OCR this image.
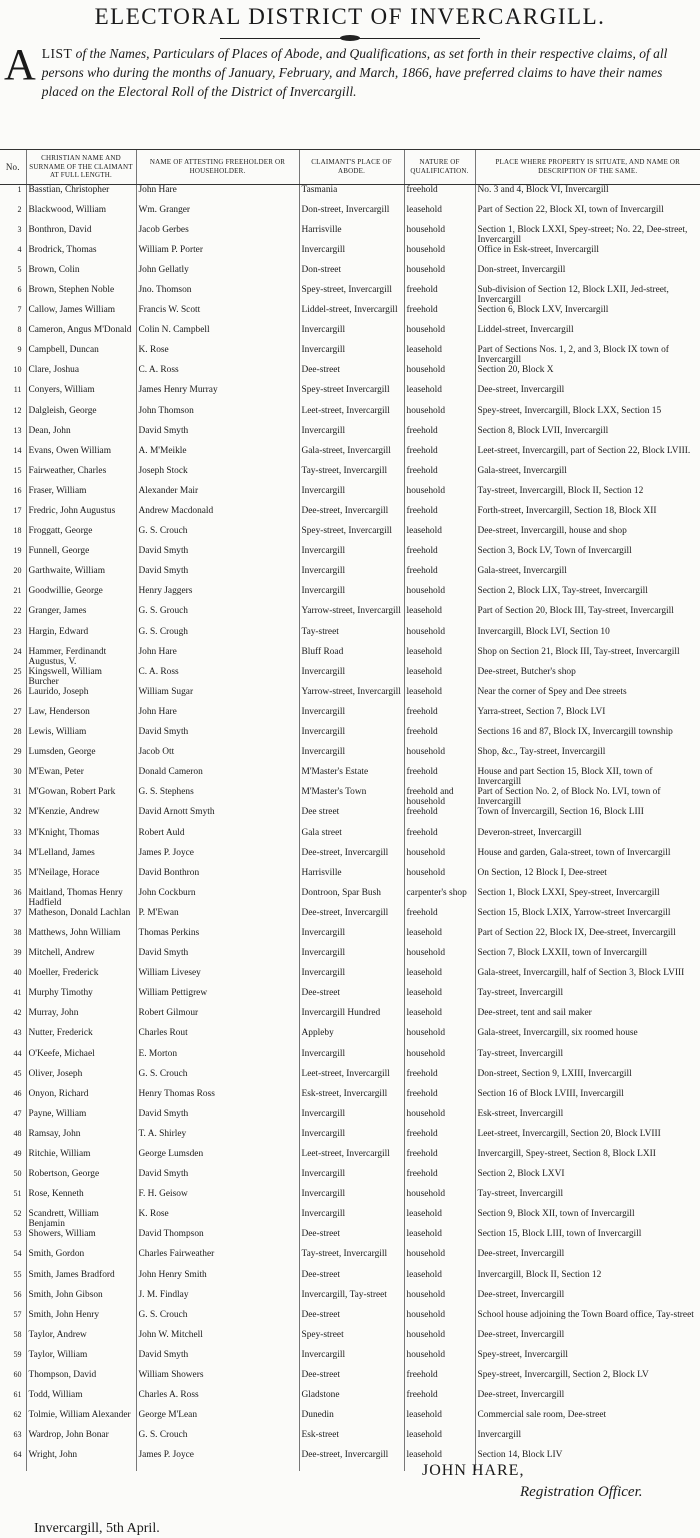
ELECTORAL DISTRICT OF INVERCARGILL.
ALIST of the Names, Particulars of Places of Abode, and Qualifications, as set forth in their respective claims, of all persons who during the months of January, February, and March, 1866, have preferred claims to have their names placed on the Electoral Roll of the District of Invercargill.
No.	CHRISTIAN NAME AND SURNAME OF THE CLAIMANT AT FULL LENGTH.	NAME OF ATTESTING FREEHOLDER OR HOUSEHOLDER.	CLAIMANT'S PLACE OF ABODE.	NATURE OF QUALIFICATION.	PLACE WHERE PROPERTY IS SITUATE, AND NAME OR DESCRIPTION OF THE SAME.
1	Basstian, Christopher	John Hare	Tasmania	freehold	No. 3 and 4, Block VI, Invercargill
2	Blackwood, William	Wm. Granger	Don-street, Invercargill	leasehold	Part of Section 22, Block XI, town of Invercargill
3	Bonthron, David	Jacob Gerbes	Harrisville	household	Section 1, Block LXXI, Spey-street; No. 22, Dee-street, Invercargill
4	Brodrick, Thomas	William P. Porter	Invercargill	household	Office in Esk-street, Invercargill
5	Brown, Colin	John Gellatly	Don-street	household	Don-street, Invercargill
6	Brown, Stephen Noble	Jno. Thomson	Spey-street, Invercargill	freehold	Sub-division of Section 12, Block LXII, Jed-street, Invercargill
7	Callow, James William	Francis W. Scott	Liddel-street, Invercargill	freehold	Section 6, Block LXV, Invercargill
8	Cameron, Angus M'Donald	Colin N. Campbell	Invercargill	household	Liddel-street, Invercargill
9	Campbell, Duncan	K. Rose	Invercargill	leasehold	Part of Sections Nos. 1, 2, and 3, Block IX town of Invercargill
10	Clare, Joshua	C. A. Ross	Dee-street	household	Section 20, Block X
11	Conyers, William	James Henry Murray	Spey-street Invercargill	leasehold	Dee-street, Invercargill
12	Dalgleish, George	John Thomson	Leet-street, Invercargill	household	Spey-street, Invercargill, Block LXX, Section 15
13	Dean, John	David Smyth	Invercargill	freehold	Section 8, Block LVII, Invercargill
14	Evans, Owen William	A. M'Meikle	Gala-street, Invercargill	freehold	Leet-street, Invercargill, part of Section 22, Block LVIII.
15	Fairweather, Charles	Joseph Stock	Tay-street, Invercargill	freehold	Gala-street, Invercargill
16	Fraser, William	Alexander Mair	Invercargill	household	Tay-street, Invercargill, Block II, Section 12
17	Fredric, John Augustus	Andrew Macdonald	Dee-street, Invercargill	freehold	Forth-street, Invercargill, Section 18, Block XII
18	Froggatt, George	G. S. Crouch	Spey-street, Invercargill	leasehold	Dee-street, Invercargill, house and shop
19	Funnell, George	David Smyth	Invercargill	freehold	Section 3, Bock LV, Town of Invercargill
20	Garthwaite, William	David Smyth	Invercargill	freehold	Gala-street, Invercargill
21	Goodwillie, George	Henry Jaggers	Invercargill	household	Section 2, Block LIX, Tay-street, Invercargill
22	Granger, James	G. S. Grouch	Yarrow-street, Invercargill	leasehold	Part of Section 20, Block III, Tay-street, Invercargill
23	Hargin, Edward	G. S. Crough	Tay-street	household	Invercargill, Block LVI, Section 10
24	Hammer, Ferdinandt Augustus, V.	John Hare	Bluff Road	leasehold	Shop on Section 21, Block III, Tay-street, Invercargill
25	Kingswell, William Burcher	C. A. Ross	Invercargill	leasehold	Dee-street, Butcher's shop
26	Laurido, Joseph	William Sugar	Yarrow-street, Invercargill	leasehold	Near the corner of Spey and Dee streets
27	Law, Henderson	John Hare	Invercargill	freehold	Yarra-street, Section 7, Block LVI
28	Lewis, William	David Smyth	Invercargill	freehold	Sections 16 and 87, Block IX, Invercargill township
29	Lumsden, George	Jacob Ott	Invercargill	household	Shop, &c., Tay-street, Invercargill
30	M'Ewan, Peter	Donald Cameron	M'Master's Estate	freehold	House and part Section 15, Block XII, town of Invercargill
31	M'Gowan, Robert Park	G. S. Stephens	M'Master's Town	freehold and household	Part of Section No. 2, of Block No. LVI, town of Invercargill
32	M'Kenzie, Andrew	David Arnott Smyth	Dee street	freehold	Town of Invercargill, Section 16, Block LIII
33	M'Knight, Thomas	Robert Auld	Gala street	freehold	Deveron-street, Invercargill
34	M'Lelland, James	James P. Joyce	Dee-street, Invercargill	household	House and garden, Gala-street, town of Invercargill
35	M'Neilage, Horace	David Bonthron	Harrisville	household	On Section, 12 Block I, Dee-street
36	Maitland, Thomas Henry Hadfield	John Cockburn	Dontroon, Spar Bush	carpenter's shop	Section 1, Block LXXI, Spey-street, Invercargill
37	Matheson, Donald Lachlan	P. M'Ewan	Dee-street, Invercargill	freehold	Section 15, Block LXIX, Yarrow-street Invercargill
38	Matthews, John William	Thomas Perkins	Invercargill	leasehold	Part of Section 22, Block IX, Dee-street, Invercargill
39	Mitchell, Andrew	David Smyth	Invercargill	household	Section 7, Block LXXII, town of Invercargill
40	Moeller, Frederick	William Livesey	Invercargill	leasehold	Gala-street, Invercargill, half of Section 3, Block LVIII
41	Murphy Timothy	William Pettigrew	Dee-street	leasehold	Tay-street, Invercargill
42	Murray, John	Robert Gilmour	Invercargill Hundred	leasehold	Dee-street, tent and sail maker
43	Nutter, Frederick	Charles Rout	Appleby	household	Gala-street, Invercargill, six roomed house
44	O'Keefe, Michael	E. Morton	Invercargill	household	Tay-street, Invercargill
45	Oliver, Joseph	G. S. Crouch	Leet-street, Invercargill	freehold	Don-street, Section 9, LXIII, Invercargill
46	Onyon, Richard	Henry Thomas Ross	Esk-street, Invercargill	freehold	Section 16 of Block LVIII, Invercargill
47	Payne, William	David Smyth	Invercargill	household	Esk-street, Invercargill
48	Ramsay, John	T. A. Shirley	Invercargill	freehold	Leet-street, Invercargill, Section 20, Block LVIII
49	Ritchie, William	George Lumsden	Leet-street, Invercargill	freehold	Invercargill, Spey-street, Section 8, Block LXII
50	Robertson, George	David Smyth	Invercargill	freehold	Section 2, Block LXVI
51	Rose, Kenneth	F. H. Geisow	Invercargill	household	Tay-street, Invercargill
52	Scandrett, William Benjamin	K. Rose	Invercargill	leasehold	Section 9, Block XII, town of Invercargill
53	Showers, William	David Thompson	Dee-street	leasehold	Section 15, Block LIII, town of Invercargill
54	Smith, Gordon	Charles Fairweather	Tay-street, Invercargill	household	Dee-street, Invercargill
55	Smith, James Bradford	John Henry Smith	Dee-street	leasehold	Invercargill, Block II, Section 12
56	Smith, John Gibson	J. M. Findlay	Invercargill, Tay-street	household	Dee-street, Invercargill
57	Smith, John Henry	G. S. Crouch	Dee-street	household	School house adjoining the Town Board office, Tay-street
58	Taylor, Andrew	John W. Mitchell	Spey-street	household	Dee-street, Invercargill
59	Taylor, William	David Smyth	Invercargill	household	Spey-street, Invercargill
60	Thompson, David	William Showers	Dee-street	freehold	Spey-street, Invercargill, Section 2, Block LV
61	Todd, William	Charles A. Ross	Gladstone	freehold	Dee-street, Invercargill
62	Tolmie, William Alexander	George M'Lean	Dunedin	leasehold	Commercial sale room, Dee-street
63	Wardrop, John Bonar	G. S. Crouch	Esk-street	leasehold	Invercargill
64	Wright, John	James P. Joyce	Dee-street, Invercargill	leasehold	Section 14, Block LIV
JOHN HARE,
Registration Officer.
Invercargill, 5th April.
